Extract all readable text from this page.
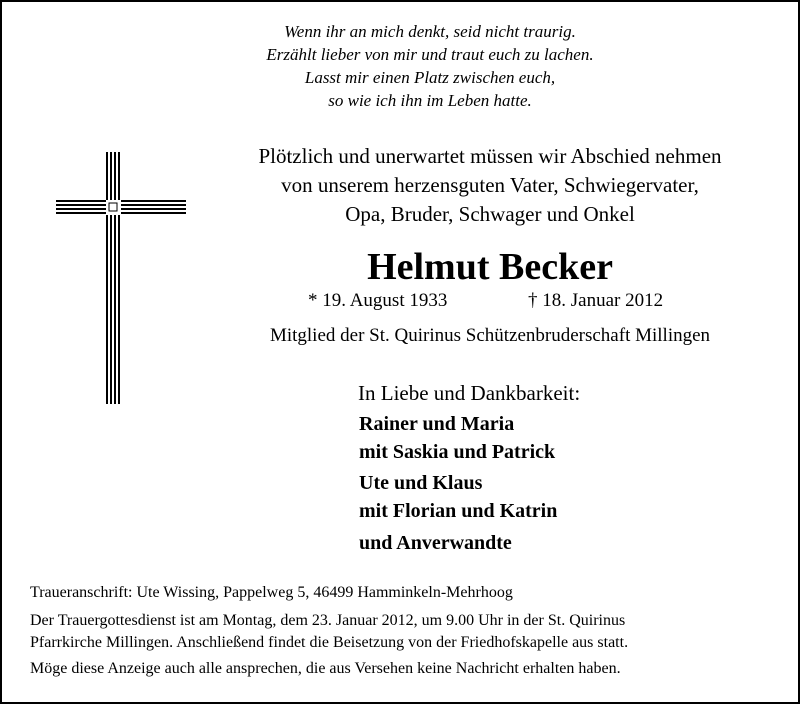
Wenn ihr an mich denkt, seid nicht traurig.
Erzählt lieber von mir und traut euch zu lachen.
Lasst mir einen Platz zwischen euch,
so wie ich ihn im Leben hatte.
Plötzlich und unerwartet müssen wir Abschied nehmen
von unserem herzensguten Vater, Schwiegervater,
Opa, Bruder, Schwager und Onkel
Helmut Becker
* 19. August 1933	† 18. Januar 2012
Mitglied der St. Quirinus Schützenbruderschaft Millingen
In Liebe und Dankbarkeit:
Rainer und Maria
mit Saskia und Patrick
Ute und Klaus
mit Florian und Katrin
und Anverwandte
Traueranschrift: Ute Wissing, Pappelweg 5, 46499 Hamminkeln-Mehrhoog
Der Trauergottesdienst ist am Montag, dem 23. Januar 2012, um 9.00 Uhr in der St. Quirinus
Pfarrkirche Millingen. Anschließend findet die Beisetzung von der Friedhofskapelle aus statt.
Möge diese Anzeige auch alle ansprechen, die aus Versehen keine Nachricht erhalten haben.
